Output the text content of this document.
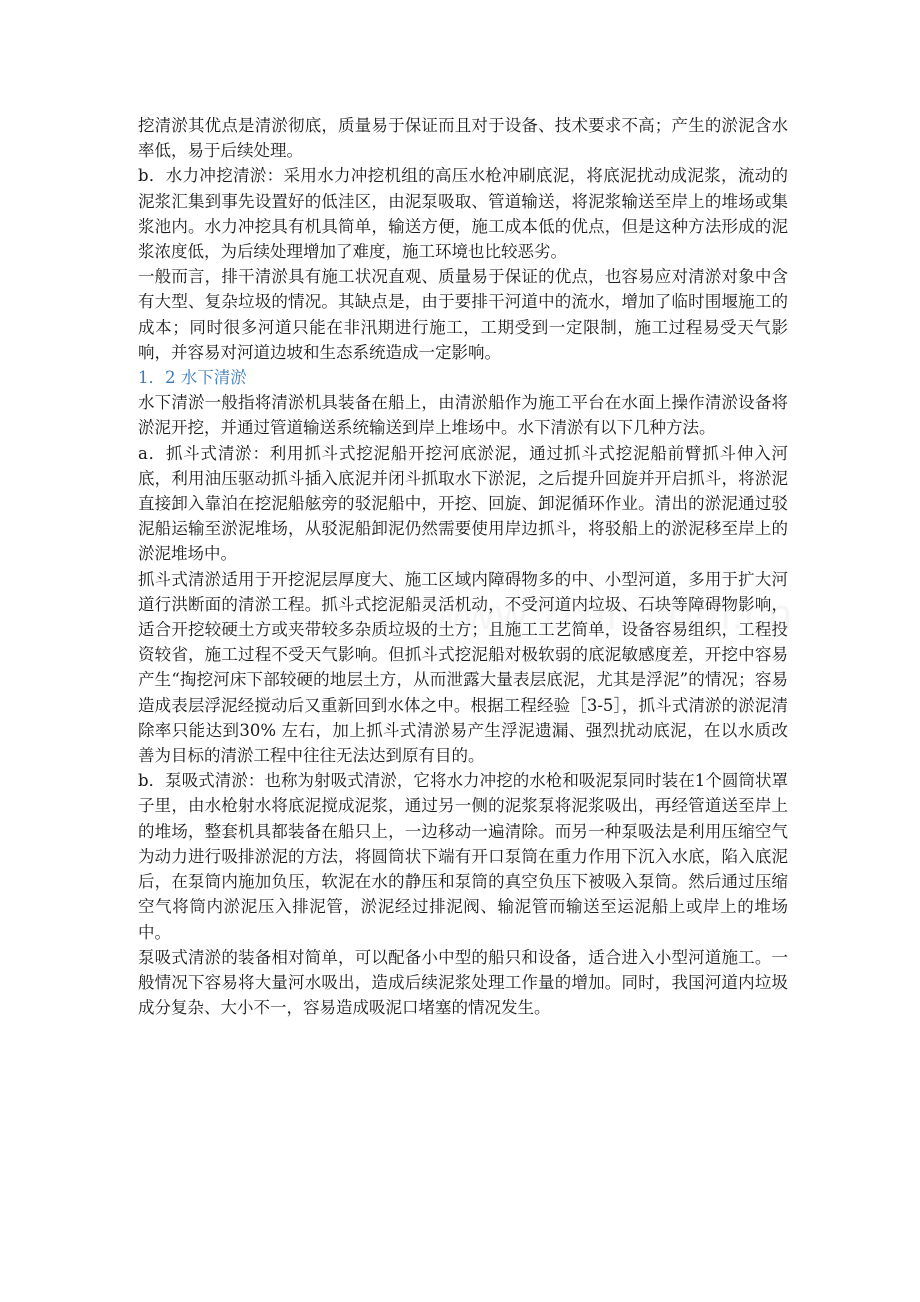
挖清淤其优点是清淤彻底，质量易于保证而且对于设备、技术要求不高；产生的淤泥含水率低，易于后续处理。

b．水力冲挖清淤：采用水力冲挖机组的高压水枪冲刷底泥，将底泥扰动成泥浆，流动的泥浆汇集到事先设置好的低洼区，由泥泵吸取、管道输送，将泥浆输送至岸上的堆场或集浆池内。水力冲挖具有机具简单，输送方便，施工成本低的优点，但是这种方法形成的泥浆浓度低，为后续处理增加了难度，施工环境也比较恶劣。

一般而言，排干清淤具有施工状况直观、质量易于保证的优点，也容易应对清淤对象中含有大型、复杂垃圾的情况。其缺点是，由于要排干河道中的流水，增加了临时围堰施工的成本；同时很多河道只能在非汛期进行施工，工期受到一定限制，施工过程易受天气影响，并容易对河道边坡和生态系统造成一定影响。

1．2 水下清淤

水下清淤一般指将清淤机具装备在船上，由清淤船作为施工平台在水面上操作清淤设备将淤泥开挖，并通过管道输送系统输送到岸上堆场中。水下清淤有以下几种方法。

a．抓斗式清淤：利用抓斗式挖泥船开挖河底淤泥，通过抓斗式挖泥船前臂抓斗伸入河底，利用油压驱动抓斗插入底泥并闭斗抓取水下淤泥，之后提升回旋并开启抓斗，将淤泥直接卸入靠泊在挖泥船舷旁的驳泥船中，开挖、回旋、卸泥循环作业。清出的淤泥通过驳泥船运输至淤泥堆场，从驳泥船卸泥仍然需要使用岸边抓斗，将驳船上的淤泥移至岸上的淤泥堆场中。

抓斗式清淤适用于开挖泥层厚度大、施工区域内障碍物多的中、小型河道，多用于扩大河道行洪断面的清淤工程。抓斗式挖泥船灵活机动，不受河道内垃圾、石块等障碍物影响，适合开挖较硬土方或夹带较多杂质垃圾的土方；且施工工艺简单，设备容易组织，工程投资较省，施工过程不受天气影响。但抓斗式挖泥船对极软弱的底泥敏感度差，开挖中容易产生“掏挖河床下部较硬的地层土方，从而泄露大量表层底泥，尤其是浮泥”的情况；容易造成表层浮泥经搅动后又重新回到水体之中。根据工程经验［3-5］，抓斗式清淤的淤泥清除率只能达到30% 左右，加上抓斗式清淤易产生浮泥遗漏、强烈扰动底泥，在以水质改善为目标的清淤工程中往往无法达到原有目的。

b．泵吸式清淤：也称为射吸式清淤，它将水力冲挖的水枪和吸泥泵同时装在1个圆筒状罩子里，由水枪射水将底泥搅成泥浆，通过另一侧的泥浆泵将泥浆吸出，再经管道送至岸上的堆场，整套机具都装备在船只上，一边移动一遍清除。而另一种泵吸法是利用压缩空气为动力进行吸排淤泥的方法，将圆筒状下端有开口泵筒在重力作用下沉入水底，陷入底泥后，在泵筒内施加负压，软泥在水的静压和泵筒的真空负压下被吸入泵筒。然后通过压缩空气将筒内淤泥压入排泥管，淤泥经过排泥阀、输泥管而输送至运泥船上或岸上的堆场中。

泵吸式清淤的装备相对简单，可以配备小中型的船只和设备，适合进入小型河道施工。一般情况下容易将大量河水吸出，造成后续泥浆处理工作量的增加。同时，我国河道内垃圾成分复杂、大小不一，容易造成吸泥口堵塞的情况发生。
